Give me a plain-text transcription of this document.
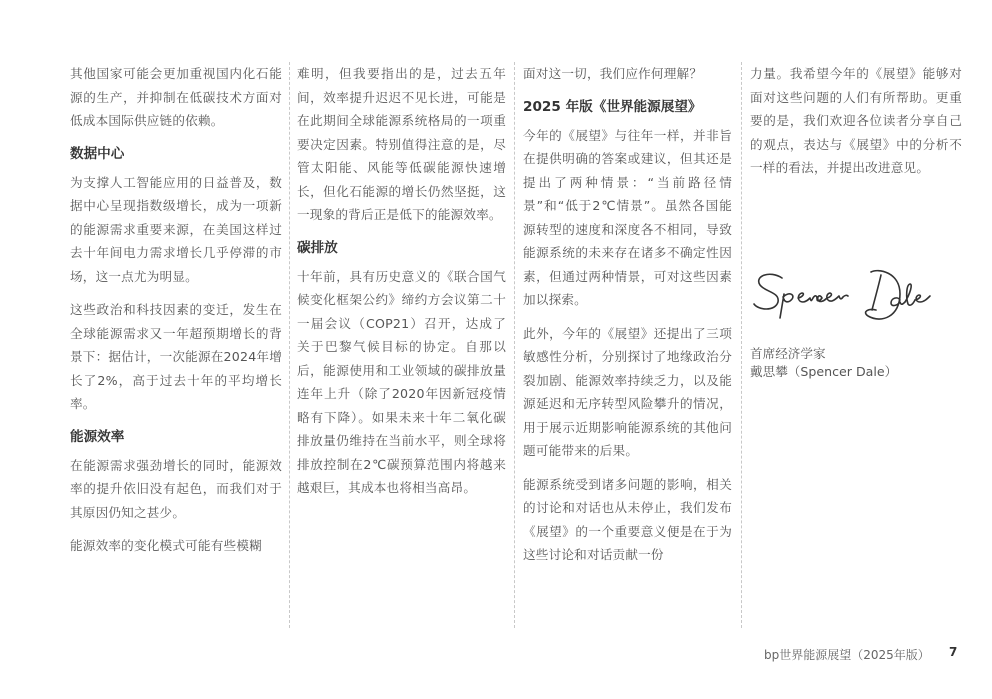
其他国家可能会更加重视国内化石能源的生产，并抑制在低碳技术方面对低成本国际供应链的依赖。

数据中心

为支撑人工智能应用的日益普及，数据中心呈现指数级增长，成为一项新的能源需求重要来源，在美国这样过去十年间电力需求增长几乎停滞的市场，这一点尤为明显。

这些政治和科技因素的变迁，发生在全球能源需求又一年超预期增长的背景下：据估计，一次能源在2024年增长了2%，高于过去十年的平均增长率。

能源效率

在能源需求强劲增长的同时，能源效率的提升依旧没有起色，而我们对于其原因仍知之甚少。

能源效率的变化模式可能有些模糊

难明，但我要指出的是，过去五年间，效率提升迟迟不见长进，可能是在此期间全球能源系统格局的一项重要决定因素。特别值得注意的是，尽管太阳能、风能等低碳能源快速增长，但化石能源的增长仍然坚挺，这一现象的背后正是低下的能源效率。

碳排放

十年前，具有历史意义的《联合国气候变化框架公约》缔约方会议第二十一届会议（COP21）召开，达成了关于巴黎气候目标的协定。自那以后，能源使用和工业领域的碳排放量连年上升（除了2020年因新冠疫情略有下降）。如果未来十年二氧化碳排放量仍维持在当前水平，则全球将排放控制在2℃碳预算范围内将越来越艰巨，其成本也将相当高昂。

面对这一切，我们应作何理解？

2025 年版《世界能源展望》

今年的《展望》与往年一样，并非旨在提供明确的答案或建议，但其还是提出了两种情景：“当前路径情景”和“低于2℃情景”。虽然各国能源转型的速度和深度各不相同，导致能源系统的未来存在诸多不确定性因素，但通过两种情景，可对这些因素加以探索。

此外，今年的《展望》还提出了三项敏感性分析，分别探讨了地缘政治分裂加剧、能源效率持续乏力，以及能源延迟和无序转型风险攀升的情况，用于展示近期影响能源系统的其他问题可能带来的后果。

能源系统受到诸多问题的影响，相关的讨论和对话也从未停止，我们发布《展望》的一个重要意义便是在于为这些讨论和对话贡献一份

力量。我希望今年的《展望》能够对面对这些问题的人们有所帮助。更重要的是，我们欢迎各位读者分享自己的观点，表达与《展望》中的分析不一样的看法，并提出改进意见。

首席经济学家
戴思攀（Spencer Dale）
bp世界能源展望（2025年版） 7
